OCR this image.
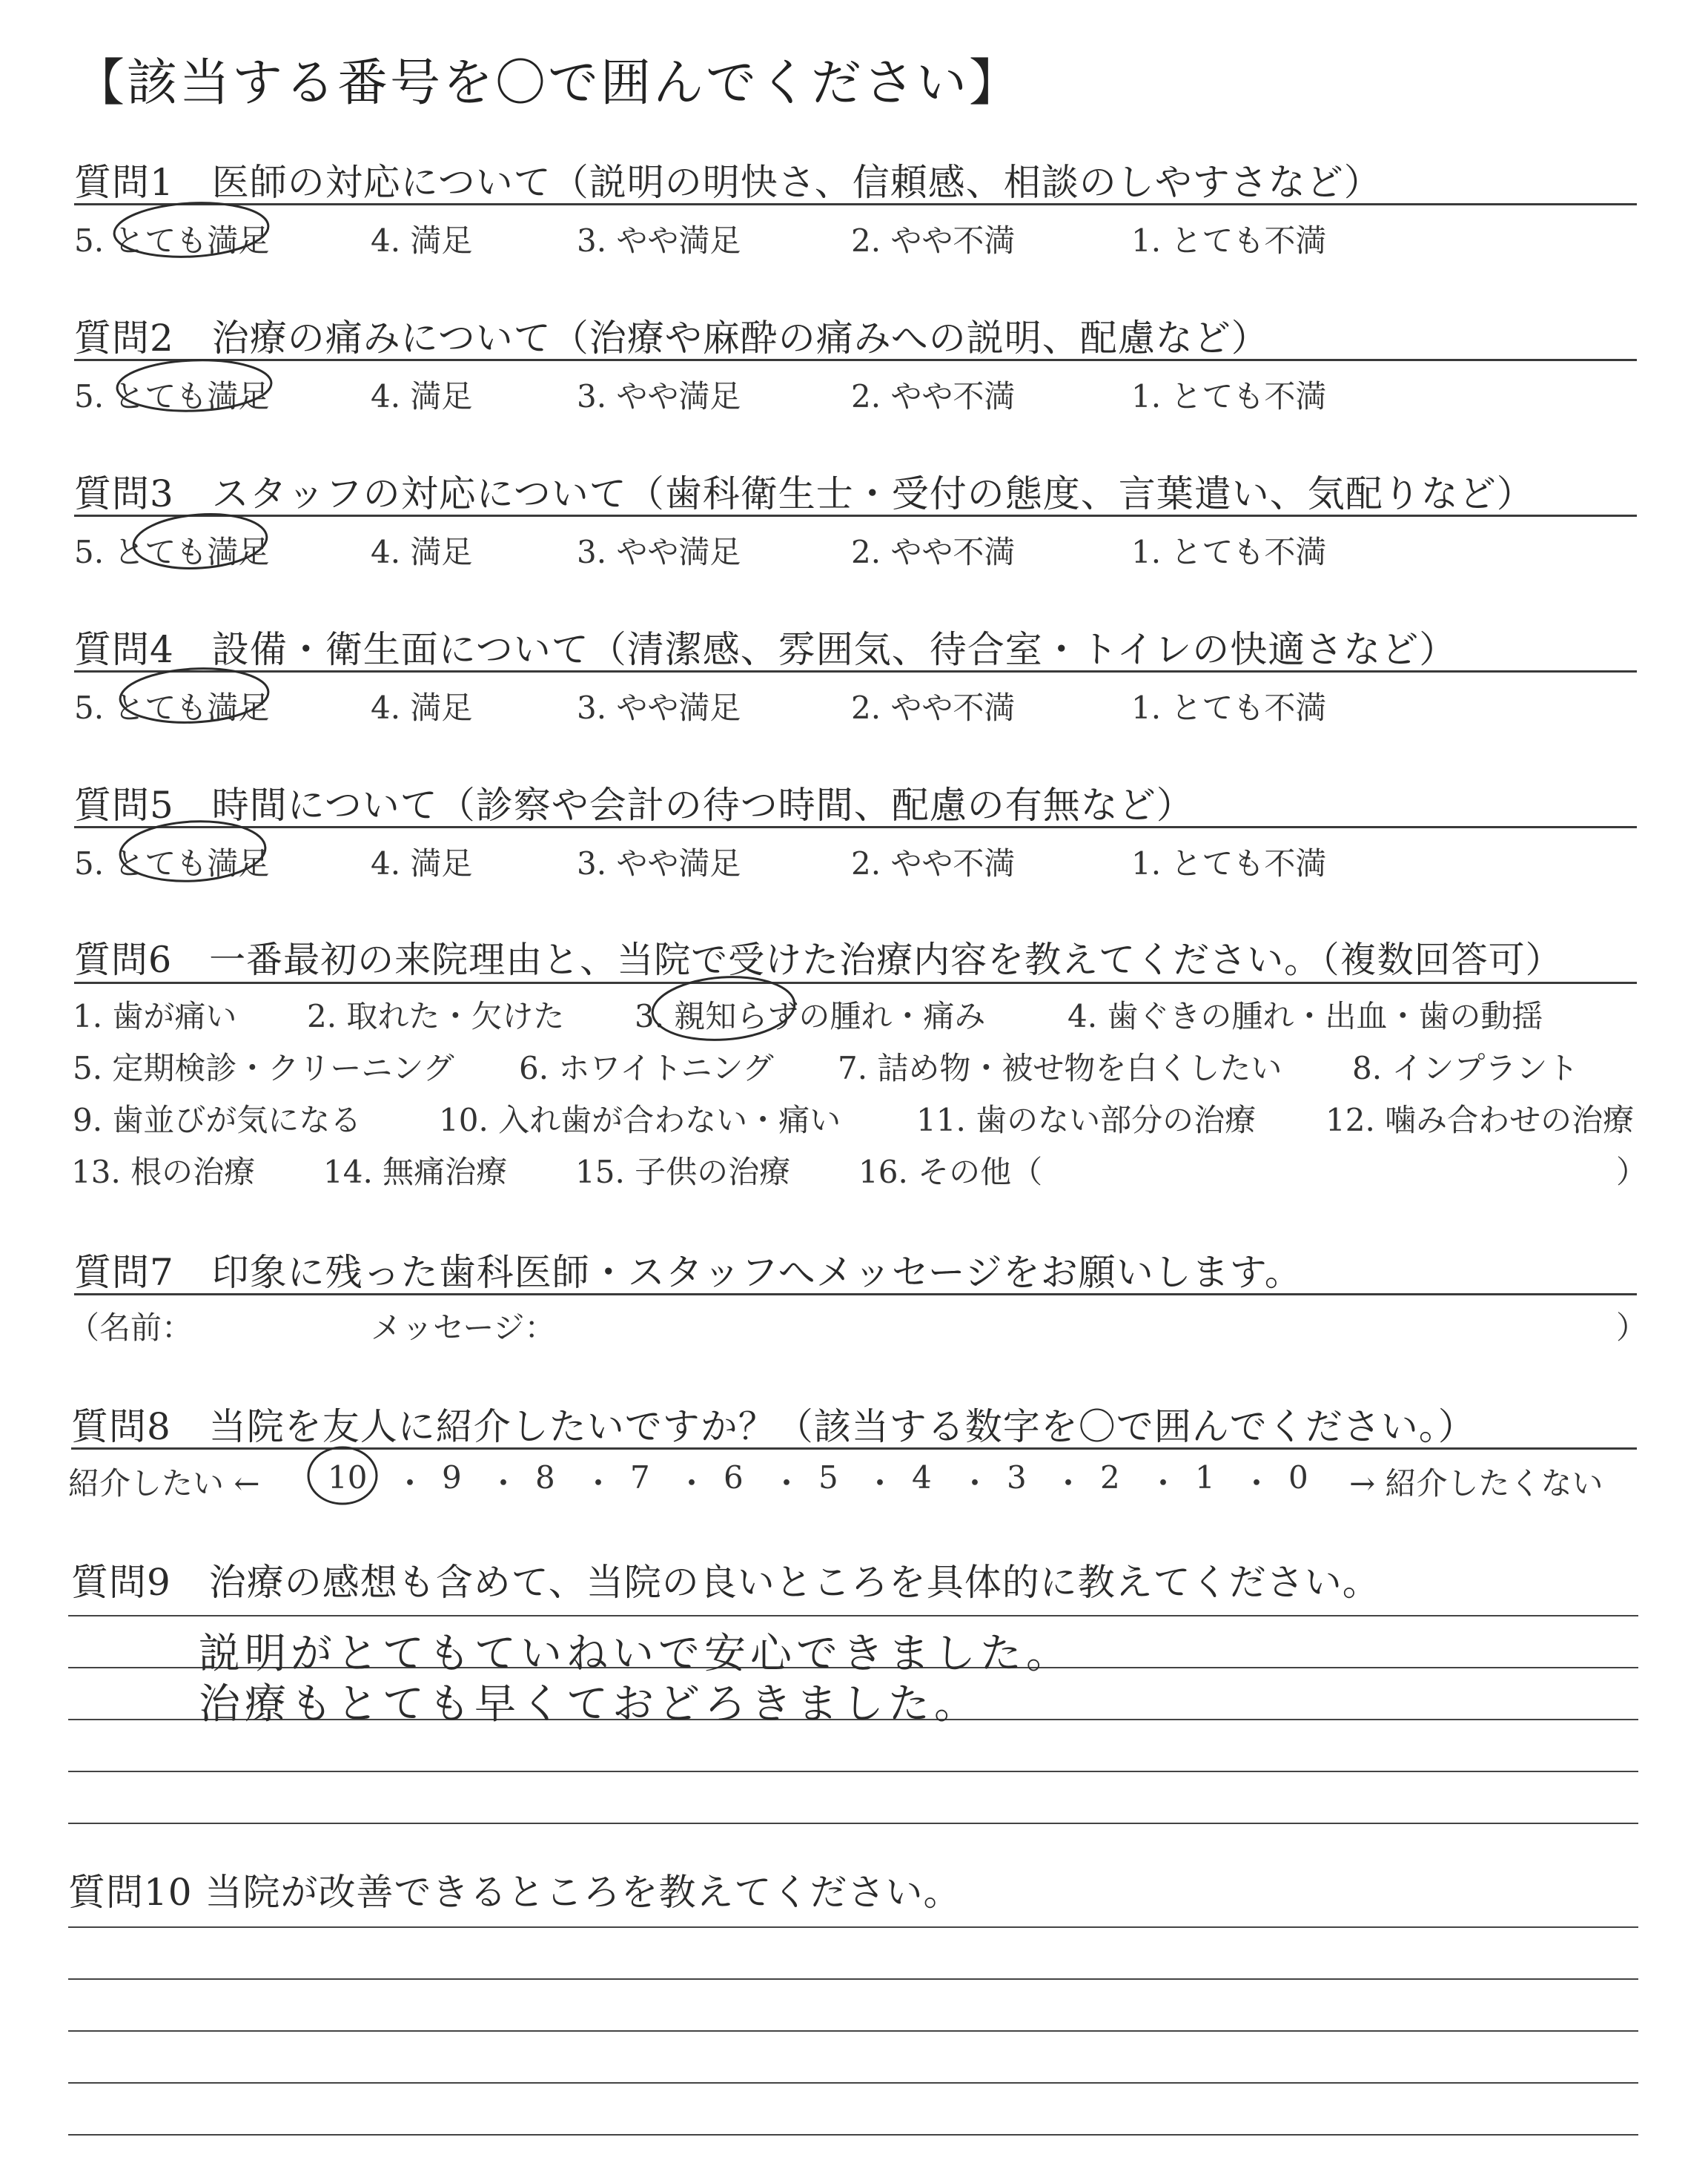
【該当する番号を〇で囲んでください】
質問1　医師の対応について（説明の明快さ、信頼感、相談のしやすさなど）
5. とても満足	4. 満足	3. やや満足	2. やや不満	1. とても不満
質問2　治療の痛みについて（治療や麻酔の痛みへの説明、配慮など）
5. とても満足	4. 満足	3. やや満足	2. やや不満	1. とても不満
質問3　スタッフの対応について（歯科衛生士・受付の態度、言葉遣い、気配りなど）
5. とても満足	4. 満足	3. やや満足	2. やや不満	1. とても不満
質問4　設備・衛生面について（清潔感、雰囲気、待合室・トイレの快適さなど）
5. とても満足	4. 満足	3. やや満足	2. やや不満	1. とても不満
質問5　時間について（診察や会計の待つ時間、配慮の有無など）
5. とても満足	4. 満足	3. やや満足	2. やや不満	1. とても不満
質問6　一番最初の来院理由と、当院で受けた治療内容を教えてください。（複数回答可）
1. 歯が痛い 2. 取れた・欠けた 3. 親知らずの腫れ・痛み	4. 歯ぐきの腫れ・出血・歯の動揺
5. 定期検診・クリーニング 6. ホワイトニング 7. 詰め物・被せ物を白くしたい 8. インプラント
9. 歯並びが気になる 10. 入れ歯が合わない・痛い 11. 歯のない部分の治療 12. 噛み合わせの治療
13. 根の治療 14. 無痛治療 15. 子供の治療 16. その他（	）
質問7　印象に残った歯科医師・スタッフへメッセージをお願いします。
（名前：	メッセージ：	）
質問8　当院を友人に紹介したいですか？（該当する数字を〇で囲んでください。）
紹介したい ← 10 ・ 9 ・ 8 ・ 7 ・ 6 ・ 5 ・ 4 ・ 3 ・ 2 ・ 1 ・ 0 → 紹介したくない
質問9　治療の感想も含めて、当院の良いところを具体的に教えてください。
説明がとてもていねいで安心できました。
治療もとても早くておどろきました。
質問10 当院が改善できるところを教えてください。
